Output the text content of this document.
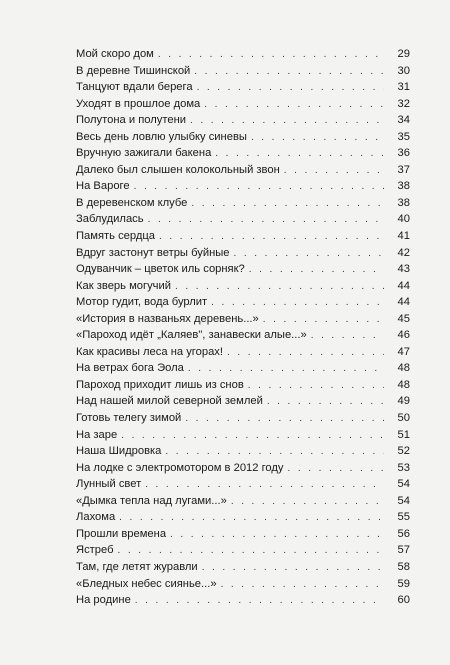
Мой скоро дом . . .	29
В деревне Тишинской . . .	30
Танцуют вдали берега . . .	31
Уходят в прошлое дома . . .	32
Полутона и полутени . . .	34
Весь день ловлю улыбку синевы . . .	35
Вручную зажигали бакена . . .	36
Далеко был слышен колокольный звон . . .	37
На Вароге . . .	38
В деревенском клубе . . .	38
Заблудилась . . .	40
Память сердца . . .	41
Вдруг застонут ветры буйные . . .	42
Одуванчик – цветок иль сорняк? . . .	43
Как зверь могучий . . .	44
Мотор гудит, вода бурлит . . .	44
«История в названьях деревень...» . . .	45
«Пароход идёт „Каляев", занавески алые...» . . .	46
Как красивы леса на угорах! . . .	47
На ветрах бога Эола . . .	48
Пароход приходит лишь из снов . . .	48
Над нашей милой северной землей . . .	49
Готовь телегу зимой . . .	50
На заре . . .	51
Наша Шидровка . . .	52
На лодке с электромотором в 2012 году . . .	53
Лунный свет . . .	54
«Дымка тепла над лугами...» . . .	54
Лахома . . .	55
Прошли времена . . .	56
Ястреб . . .	57
Там, где летят журавли . . .	58
«Бледных небес сиянье...» . . .	59
На родине . . .	60
